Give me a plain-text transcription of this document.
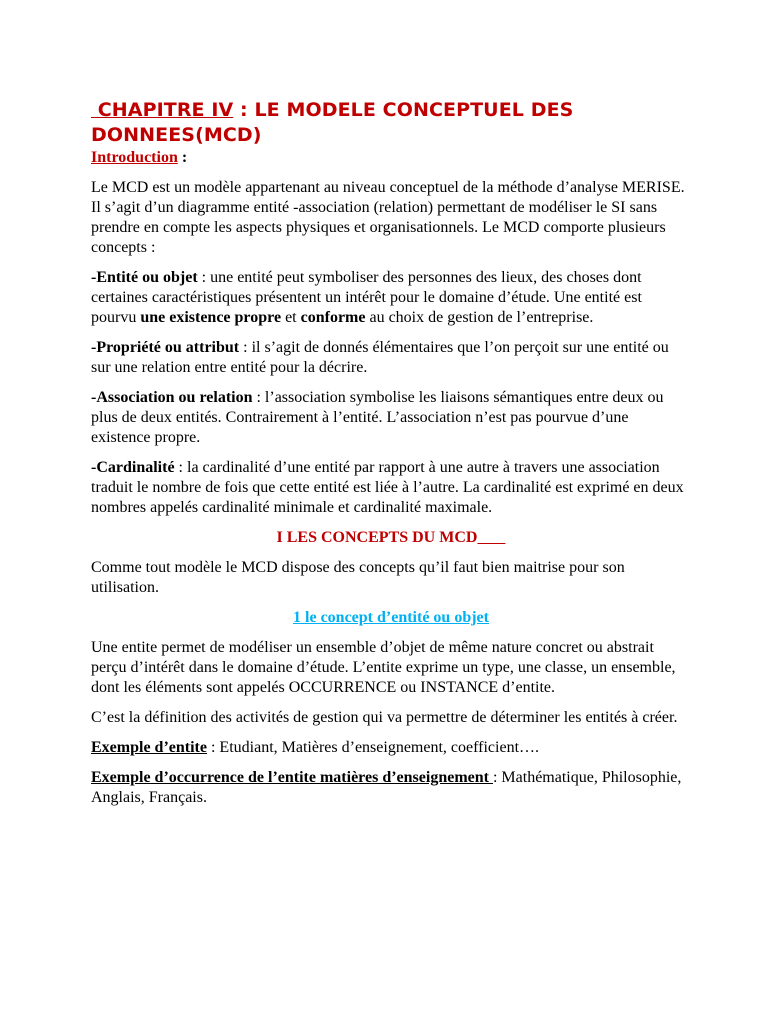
CHAPITRE IV : LE MODELE CONCEPTUEL DES DONNEES(MCD)
Introduction :

Le MCD est un modèle appartenant au niveau conceptuel de la méthode d’analyse MERISE. Il s’agit d’un diagramme entité -association (relation) permettant de modéliser le SI sans prendre en compte les aspects physiques et organisationnels. Le MCD comporte plusieurs concepts :

-Entité ou objet : une entité peut symboliser des personnes des lieux, des choses dont certaines caractéristiques présentent un intérêt pour le domaine d’étude. Une entité est pourvu une existence propre et conforme au choix de gestion de l’entreprise.

-Propriété ou attribut : il s’agit de donnés élémentaires que l’on perçoit sur une entité ou sur une relation entre entité pour la décrire.

-Association ou relation : l’association symbolise les liaisons sémantiques entre deux ou plus de deux entités. Contrairement à l’entité. L’association n’est pas pourvue d’une existence propre.

-Cardinalité : la cardinalité d’une entité par rapport à une autre à travers une association traduit le nombre de fois que cette entité est liée à l’autre. La cardinalité est exprimé en deux nombres appelés cardinalité minimale et cardinalité maximale.

I LES CONCEPTS DU MCD

Comme tout modèle le MCD dispose des concepts qu’il faut bien maitrise pour son utilisation.

1 le concept d’entité ou objet

Une entite permet de modéliser un ensemble d’objet de même nature concret ou abstrait perçu d’intérêt dans le domaine d’étude. L’entite exprime un type, une classe, un ensemble, dont les éléments sont appelés OCCURRENCE ou INSTANCE d’entite.

C’est la définition des activités de gestion qui va permettre de déterminer les entités à créer.

Exemple d’entite : Etudiant, Matières d’enseignement, coefficient….

Exemple d’occurrence de l’entite matières d’enseignement : Mathématique, Philosophie, Anglais, Français.
